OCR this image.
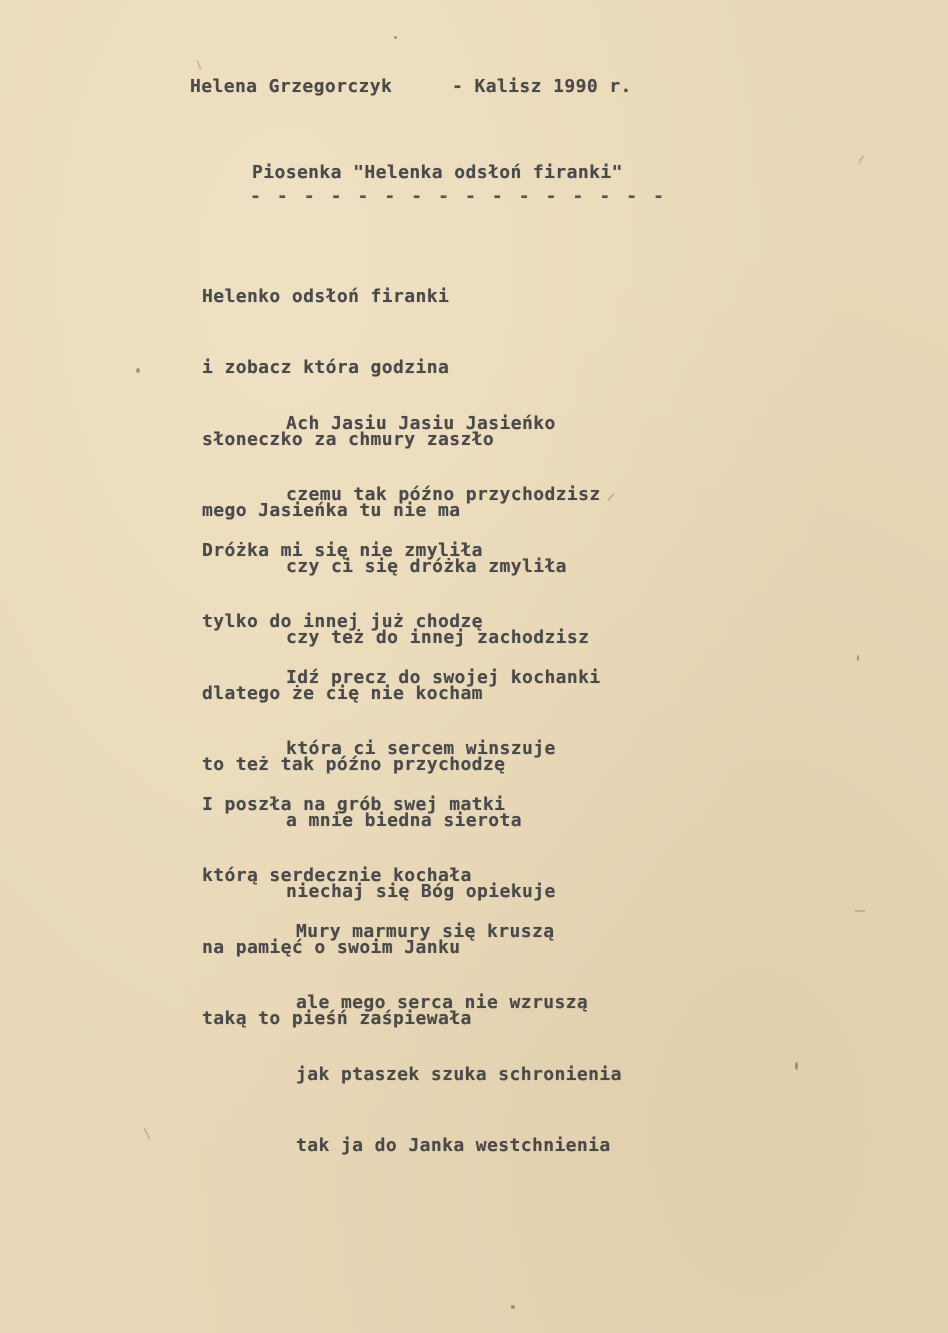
Helena Grzegorczyk	- Kalisz 1990 r.
Piosenka "Helenka odsłoń firanki"
- - - - - - - - - - - - - - - -

Helenko odsłoń firanki

i zobacz która godzina

słoneczko za chmury zaszło

mego Jasieńka tu nie ma

Ach Jasiu Jasiu Jasieńko

czemu tak późno przychodzisz

czy ci się dróżka zmyliła

czy też do innej zachodzisz

Dróżka mi się nie zmyliła

tylko do innej już chodzę

dlatego że cię nie kocham

to też tak późno przychodzę

Idź precz do swojej kochanki

która ci sercem winszuje

a mnie biedna sierota

niechaj się Bóg opiekuje

I poszła na grób swej matki

którą serdecznie kochała

na pamięć o swoim Janku

taką to pieśń zaśpiewała

Mury marmury się kruszą

ale mego serca nie wzruszą

jak ptaszek szuka schronienia

tak ja do Janka westchnienia
